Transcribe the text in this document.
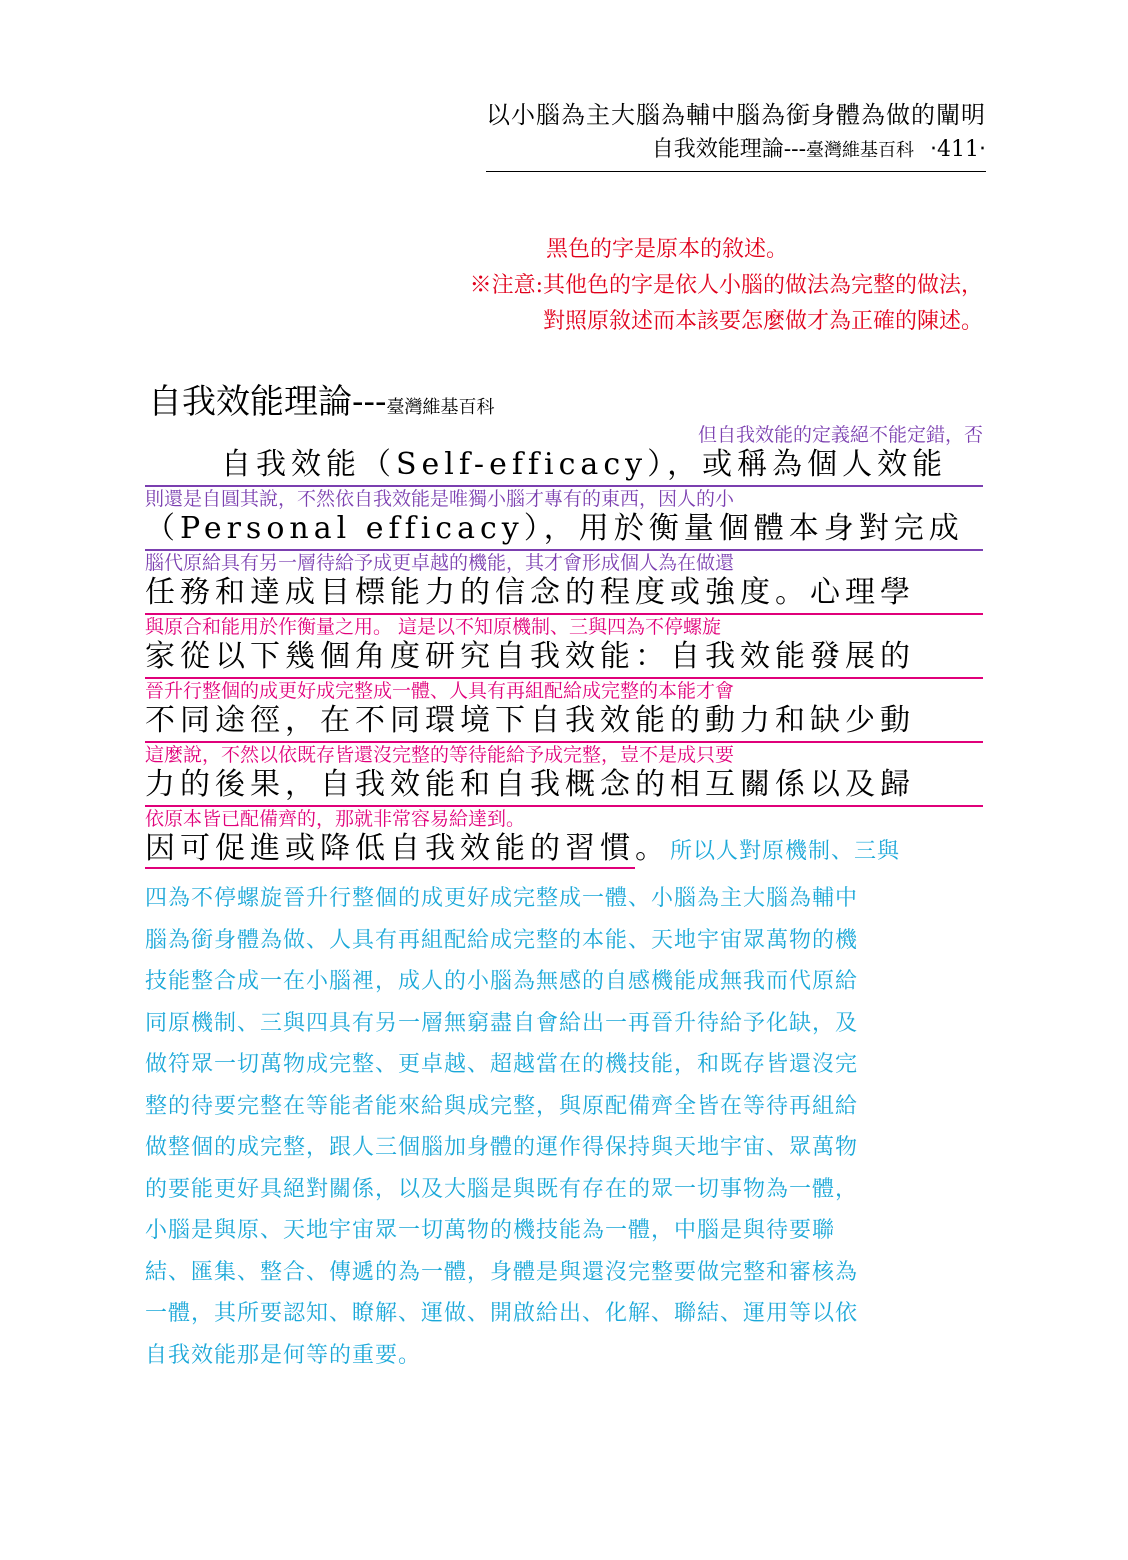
以小腦為主大腦為輔中腦為銜身體為做的闡明
自我效能理論---臺灣維基百科 ‧411‧
黑色的字是原本的敘述。
※注意:其他色的字是依人小腦的做法為完整的做法，
對照原敘述而本該要怎麼做才為正確的陳述。
自我效能理論---臺灣維基百科
但自我效能的定義絕不能定錯，否
自我效能（Self-efficacy），或稱為個人效能
則還是自圓其說，不然依自我效能是唯獨小腦才專有的東西，因人的小
（Personal efficacy），用於衡量個體本身對完成
腦代原給具有另一層待給予成更卓越的機能，其才會形成個人為在做還
任務和達成目標能力的信念的程度或強度。心理學
與原合和能用於作衡量之用。 這是以不知原機制、三與四為不停螺旋
家從以下幾個角度研究自我效能：自我效能發展的
晉升行整個的成更好成完整成一體、人具有再組配給成完整的本能才會
不同途徑，在不同環境下自我效能的動力和缺少動
這麼說，不然以依既存皆還沒完整的等待能給予成完整，豈不是成只要
力的後果，自我效能和自我概念的相互關係以及歸
依原本皆已配備齊的，那就非常容易給達到。
因可促進或降低自我效能的習慣。所以人對原機制、三與
四為不停螺旋晉升行整個的成更好成完整成一體、小腦為主大腦為輔中
腦為銜身體為做、人具有再組配給成完整的本能、天地宇宙眾萬物的機
技能整合成一在小腦裡，成人的小腦為無感的自感機能成無我而代原給
同原機制、三與四具有另一層無窮盡自會給出一再晉升待給予化缺，及
做符眾一切萬物成完整、更卓越、超越當在的機技能，和既存皆還沒完
整的待要完整在等能者能來給與成完整，與原配備齊全皆在等待再組給
做整個的成完整，跟人三個腦加身體的運作得保持與天地宇宙、眾萬物
的要能更好具絕對關係，以及大腦是與既有存在的眾一切事物為一體，
小腦是與原、天地宇宙眾一切萬物的機技能為一體，中腦是與待要聯
結、匯集、整合、傳遞的為一體，身體是與還沒完整要做完整和審核為
一體，其所要認知、瞭解、運做、開啟給出、化解、聯結、運用等以依
自我效能那是何等的重要。
